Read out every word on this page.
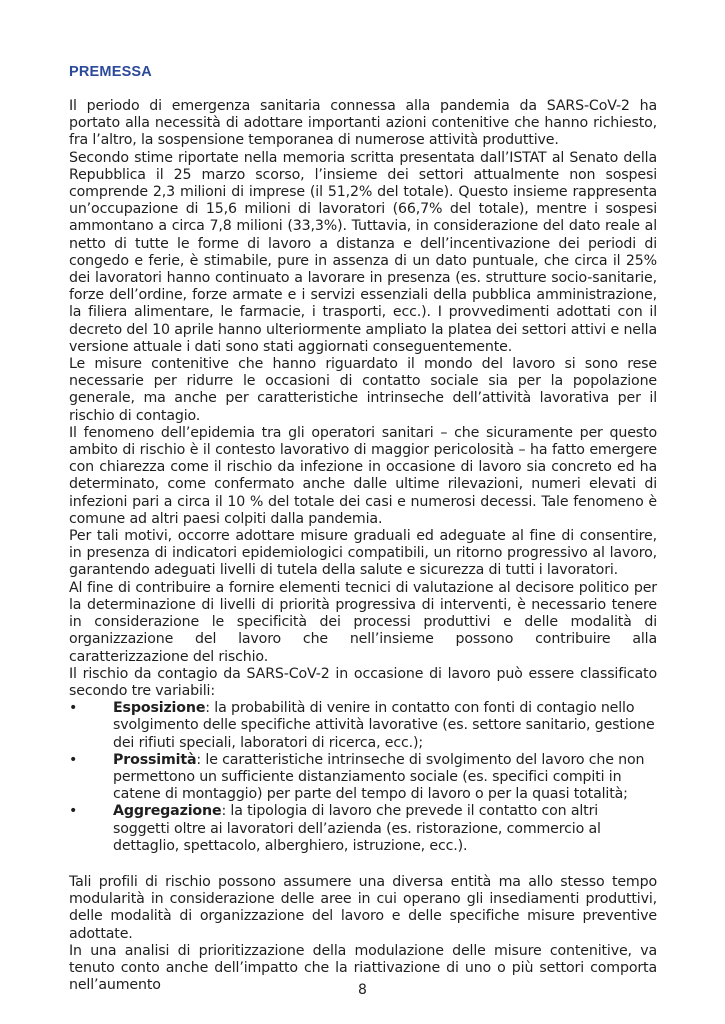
PREMESSA

Il periodo di emergenza sanitaria connessa alla pandemia da SARS-CoV-2 ha portato alla necessità di adottare importanti azioni contenitive che hanno richiesto, fra l’altro, la sospensione temporanea di numerose attività produttive.

Secondo stime riportate nella memoria scritta presentata dall’ISTAT al Senato della Repubblica il 25 marzo scorso, l’insieme dei settori attualmente non sospesi comprende 2,3 milioni di imprese (il 51,2% del totale). Questo insieme rappresenta un’occupazione di 15,6 milioni di lavoratori (66,7% del totale), mentre i sospesi ammontano a circa 7,8 milioni (33,3%). Tuttavia, in considerazione del dato reale al netto di tutte le forme di lavoro a distanza e dell’incentivazione dei periodi di congedo e ferie, è stimabile, pure in assenza di un dato puntuale, che circa il 25% dei lavoratori hanno continuato a lavorare in presenza (es. strutture socio-sanitarie, forze dell’ordine, forze armate e i servizi essenziali della pubblica amministrazione, la filiera alimentare, le farmacie, i trasporti, ecc.). I provvedimenti adottati con il decreto del 10 aprile hanno ulteriormente ampliato la platea dei settori attivi e nella versione attuale i dati sono stati aggiornati conseguentemente.

Le misure contenitive che hanno riguardato il mondo del lavoro si sono rese necessarie per ridurre le occasioni di contatto sociale sia per la popolazione generale, ma anche per caratteristiche intrinseche dell’attività lavorativa per il rischio di contagio.

Il fenomeno dell’epidemia tra gli operatori sanitari – che sicuramente per questo ambito di rischio è il contesto lavorativo di maggior pericolosità – ha fatto emergere con chiarezza come il rischio da infezione in occasione di lavoro sia concreto ed ha determinato, come confermato anche dalle ultime rilevazioni, numeri elevati di infezioni pari a circa il 10 % del totale dei casi e numerosi decessi. Tale fenomeno è comune ad altri paesi colpiti dalla pandemia.

Per tali motivi, occorre adottare misure graduali ed adeguate al fine di consentire, in presenza di indicatori epidemiologici compatibili, un ritorno progressivo al lavoro, garantendo adeguati livelli di tutela della salute e sicurezza di tutti i lavoratori.

Al fine di contribuire a fornire elementi tecnici di valutazione al decisore politico per la determinazione di livelli di priorità progressiva di interventi, è necessario tenere in considerazione le specificità dei processi produttivi e delle modalità di organizzazione del lavoro che nell’insieme possono contribuire alla caratterizzazione del rischio.

Il rischio da contagio da SARS-CoV-2 in occasione di lavoro può essere classificato secondo tre variabili:

•	Esposizione: la probabilità di venire in contatto con fonti di contagio nello svolgimento delle specifiche attività lavorative (es. settore sanitario, gestione dei rifiuti speciali, laboratori di ricerca, ecc.);
•	Prossimità: le caratteristiche intrinseche di svolgimento del lavoro che non permettono un sufficiente distanziamento sociale (es. specifici compiti in catene di montaggio) per parte del tempo di lavoro o per la quasi totalità;
•	Aggregazione: la tipologia di lavoro che prevede il contatto con altri soggetti oltre ai lavoratori dell’azienda (es. ristorazione, commercio al dettaglio, spettacolo, alberghiero, istruzione, ecc.).

Tali profili di rischio possono assumere una diversa entità ma allo stesso tempo modularità in considerazione delle aree in cui operano gli insediamenti produttivi, delle modalità di organizzazione del lavoro e delle specifiche misure preventive adottate.

In una analisi di prioritizzazione della modulazione delle misure contenitive, va tenuto conto anche dell’impatto che la riattivazione di uno o più settori comporta nell’aumento	8
